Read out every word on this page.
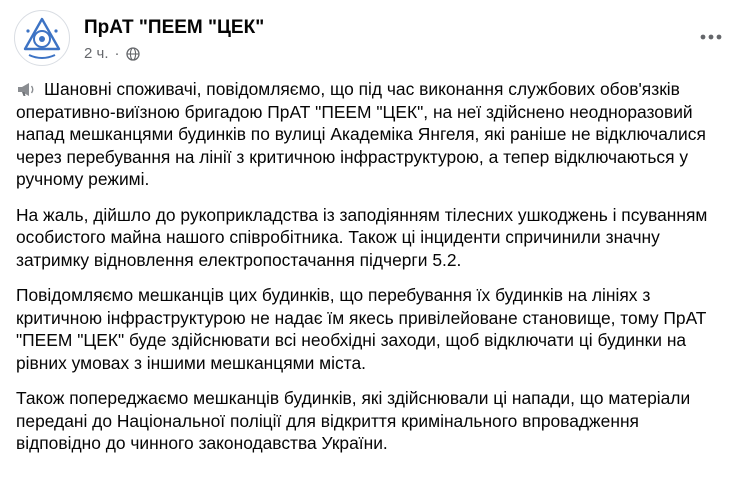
ПрАТ "ПЕЕМ "ЦЕК"
2 ч. ·

Шановні споживачі, повідомляємо, що під час виконання службових обов'язків оперативно-виїзною бригадою ПрАТ "ПЕЕМ "ЦЕК", на неї здійснено неодноразовий напад мешканцями будинків по вулиці Академіка Янгеля, які раніше не відключалися через перебування на лінії з критичною інфраструктурою, а тепер відключаються у ручному режимі.

На жаль, дійшло до рукоприкладства із заподіянням тілесних ушкоджень і псуванням особистого майна нашого співробітника. Також ці інциденти спричинили значну затримку відновлення електропостачання підчерги 5.2.

Повідомляємо мешканців цих будинків, що перебування їх будинків на лініях з критичною інфраструктурою не надає їм якесь привілейоване становище, тому ПрАТ "ПЕЕМ "ЦЕК" буде здійснювати всі необхідні заходи, щоб відключати ці будинки на рівних умовах з іншими мешканцями міста.

Також попереджаємо мешканців будинків, які здійснювали ці напади, що матеріали передані до Національної поліції для відкриття кримінального впровадження відповідно до чинного законодавства України.
